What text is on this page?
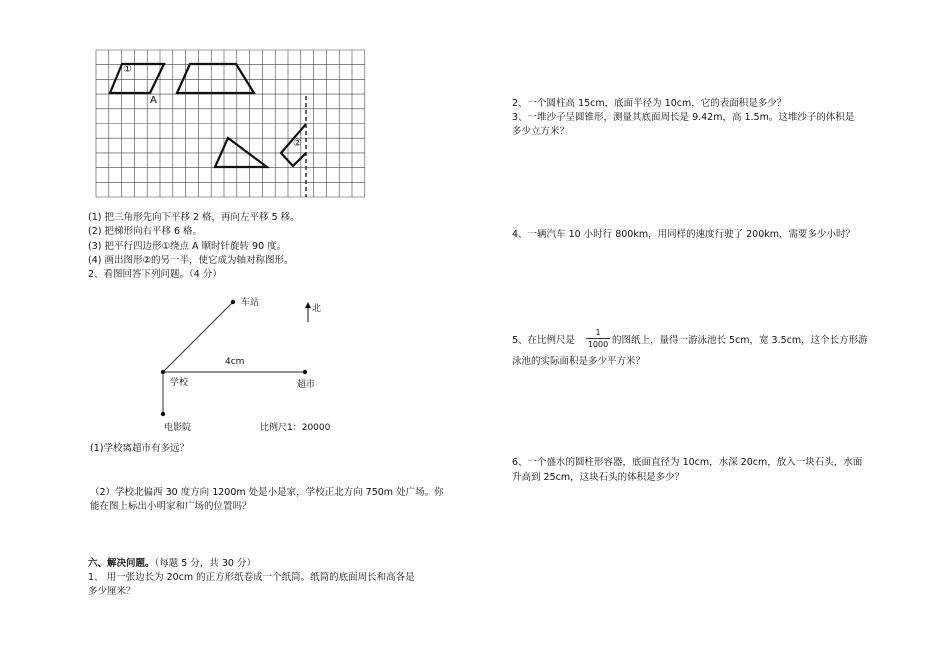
①
A
②
(1) 把三角形先向下平移 2 格，再向左平移 5 移。
(2) 把梯形向右平移 6 格。
(3) 把平行四边形①绕点 A 顺时针旋转 90 度。
(4) 画出图形②的另一半，使它成为轴对称图形。
2、看图回答下列问题。（4 分）
车站
北
4cm
学校	超市
电影院	比例尺1：20000
(1)学校离超市有多远？
（2）学校北偏西 30 度方向 1200m 处是小是家，学校正北方向 750m 处广场。你
能在图上标出小明家和广场的位置吗？
六、解决问题。（每题 5 分，共 30 分）
1、 用一张边长为 20cm 的正方形纸卷成一个纸筒。纸筒的底面周长和高各是
多少厘米？
2、一个圆柱高 15cm，底面半径为 10cm，它的表面积是多少？
3、一堆沙子呈圆锥形，测量其底面周长是 9.42m，高 1.5m。这堆沙子的体积是
多少立方米？
4、一辆汽车 10 小时行 800km，用同样的速度行驶了 200km，需要多少小时？
5、在比例尺是
1
1000 的图纸上，量得一游泳池长 5cm，宽 3.5cm，这个长方形游
泳池的实际面积是多少平方米？
6、一个盛水的圆柱形容器，底面直径为 10cm，水深 20cm，放入一块石头，水面
升高到 25cm，这块石头的体积是多少？
